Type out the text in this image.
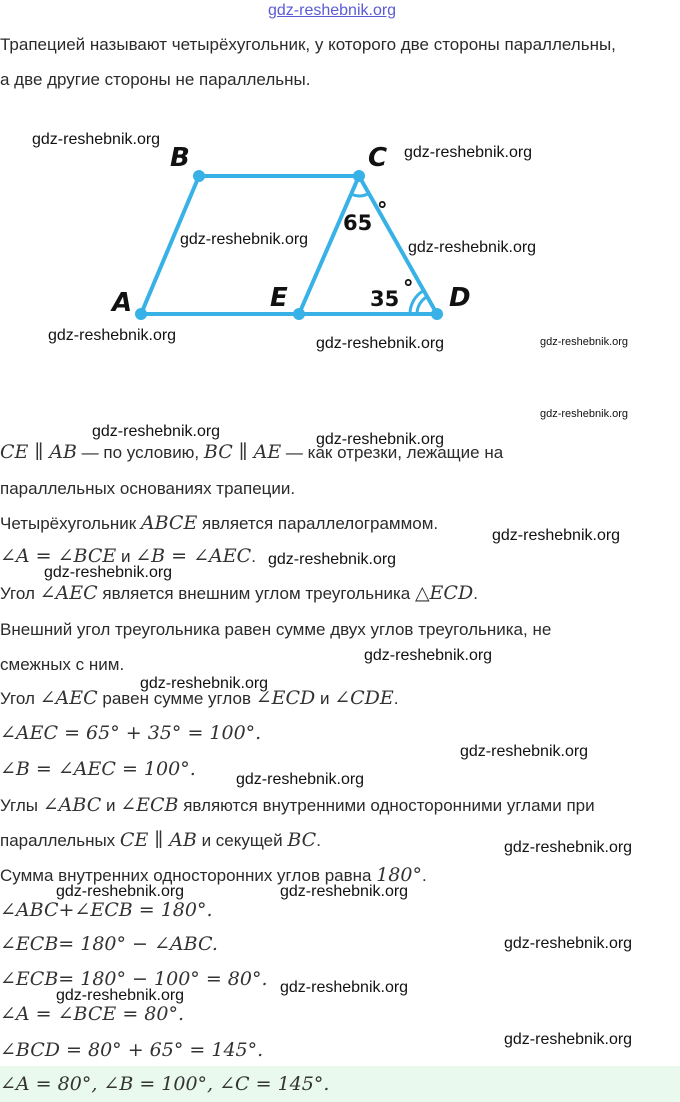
gdz-reshebnik.org
Трапецией называют четырёхугольник, у которого две стороны параллельны,
а две другие стороны не параллельны.
A
B	C
D
E
65
°
35 °
CE ∥ AB — по условию, BC ∥ AE — как отрезки, лежащие на
параллельных основаниях трапеции.
Четырёхугольник ABCE является параллелограммом.
∠A = ∠BCE и ∠B = ∠AEC.
Угол ∠AEC является внешним углом треугольника △ECD.
Внешний угол треугольника равен сумме двух углов треугольника, не
смежных с ним.
Угол ∠AEC равен сумме углов ∠ECD и ∠CDE.
∠AEC = 65° + 35° = 100°.
∠B = ∠AEC = 100°.
Углы ∠ABC и ∠ECB являются внутренними односторонними углами при
параллельных CE ∥ AB и секущей BC.
Сумма внутренних односторонних углов равна 180°.
∠ABC+∠ECB = 180°.
∠ECB= 180° − ∠ABC.
∠ECB= 180° − 100° = 80°.
∠A = ∠BCE = 80°.
∠BCD = 80° + 65° = 145°.
∠A = 80°, ∠B = 100°, ∠C = 145°.
gdz-reshebnik.org
gdz-reshebnik.org
gdz-reshebnik.org	gdz-reshebnik.org
gdz-reshebnik.org	gdz-reshebnik.org	gdz-reshebnik.org
gdz-reshebnik.org
gdz-reshebnik.org	gdz-reshebnik.org
gdz-reshebnik.org
gdz-reshebnik.org
gdz-reshebnik.org
gdz-reshebnik.org
gdz-reshebnik.org
gdz-reshebnik.org
gdz-reshebnik.org
gdz-reshebnik.org
gdz-reshebnik.org	gdz-reshebnik.org
gdz-reshebnik.org
gdz-reshebnik.org
gdz-reshebnik.org
gdz-reshebnik.org
